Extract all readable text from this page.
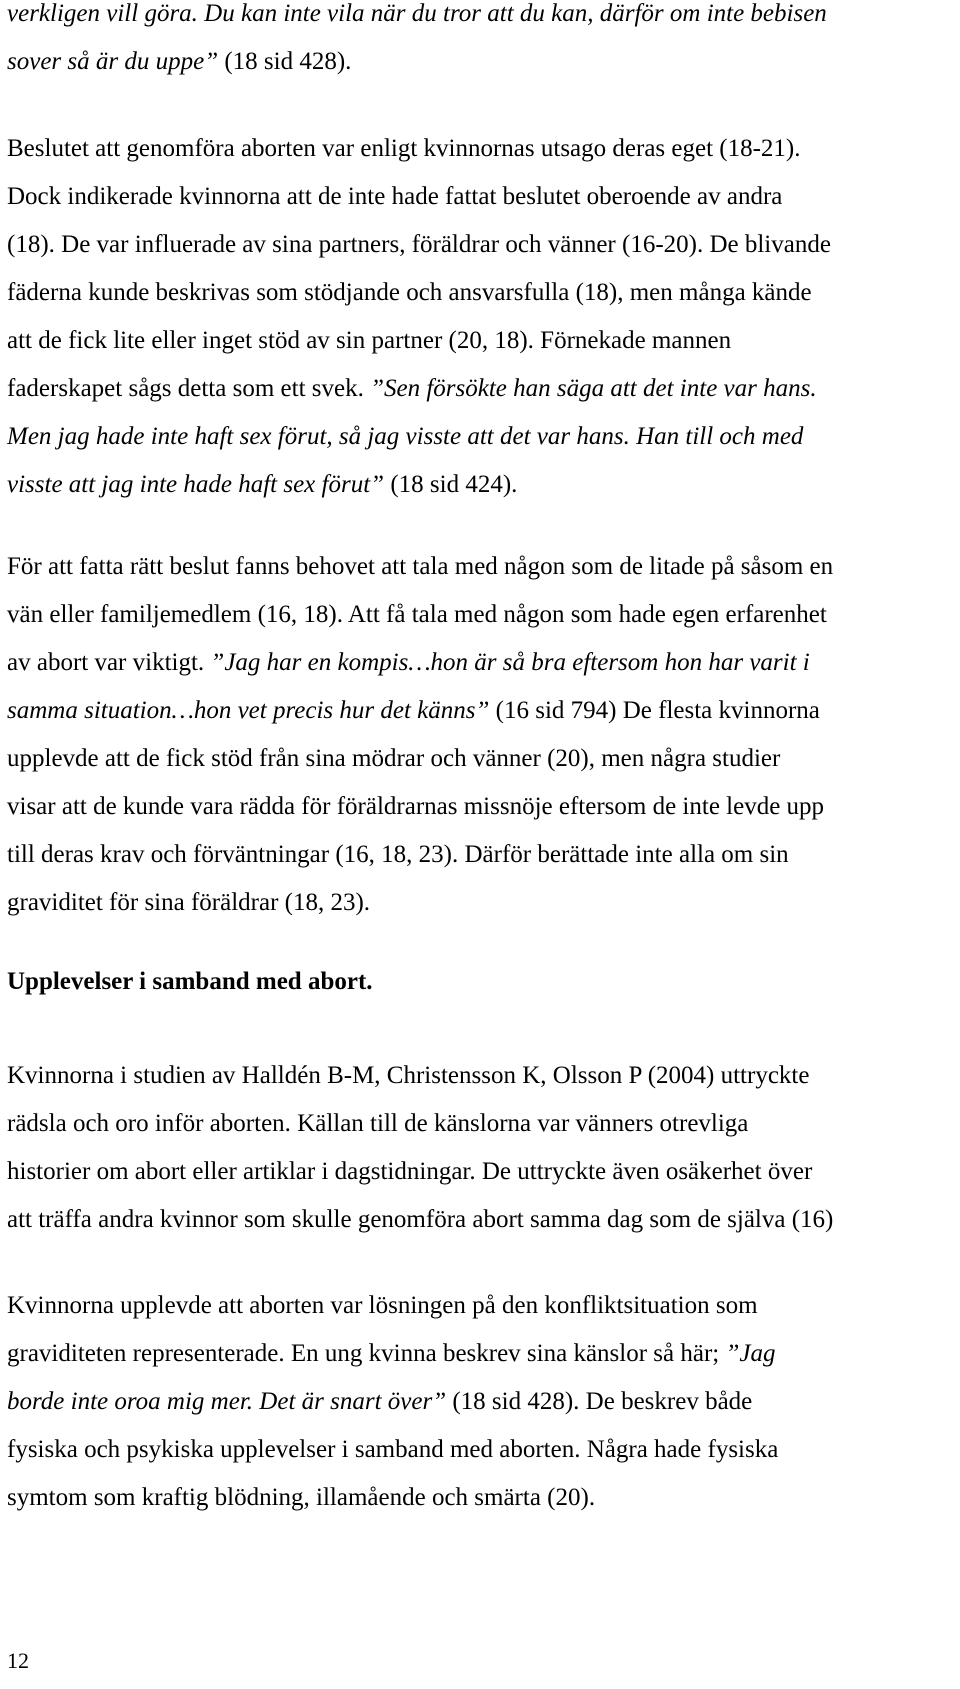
verkligen vill göra. Du kan inte vila när du tror att du kan, därför om inte bebisen
sover så är du uppe” (18 sid 428).
Beslutet att genomföra aborten var enligt kvinnornas utsago deras eget (18-21).
Dock indikerade kvinnorna att de inte hade fattat beslutet oberoende av andra
(18). De var influerade av sina partners, föräldrar och vänner (16-20). De blivande
fäderna kunde beskrivas som stödjande och ansvarsfulla (18), men många kände
att de fick lite eller inget stöd av sin partner (20, 18). Förnekade mannen
faderskapet sågs detta som ett svek. ”Sen försökte han säga att det inte var hans.
Men jag hade inte haft sex förut, så jag visste att det var hans. Han till och med
visste att jag inte hade haft sex förut” (18 sid 424).
För att fatta rätt beslut fanns behovet att tala med någon som de litade på såsom en
vän eller familjemedlem (16, 18). Att få tala med någon som hade egen erfarenhet
av abort var viktigt. ”Jag har en kompis…hon är så bra eftersom hon har varit i
samma situation…hon vet precis hur det känns” (16 sid 794) De flesta kvinnorna
upplevde att de fick stöd från sina mödrar och vänner (20), men några studier
visar att de kunde vara rädda för föräldrarnas missnöje eftersom de inte levde upp
till deras krav och förväntningar (16, 18, 23). Därför berättade inte alla om sin
graviditet för sina föräldrar (18, 23).
Upplevelser i samband med abort.
Kvinnorna i studien av Halldén B-M, Christensson K, Olsson P (2004) uttryckte
rädsla och oro inför aborten. Källan till de känslorna var vänners otrevliga
historier om abort eller artiklar i dagstidningar. De uttryckte även osäkerhet över
att träffa andra kvinnor som skulle genomföra abort samma dag som de själva (16)
Kvinnorna upplevde att aborten var lösningen på den konfliktsituation som
graviditeten representerade. En ung kvinna beskrev sina känslor så här; ”Jag
borde inte oroa mig mer. Det är snart över” (18 sid 428). De beskrev både
fysiska och psykiska upplevelser i samband med aborten. Några hade fysiska
symtom som kraftig blödning, illamående och smärta (20).
12
